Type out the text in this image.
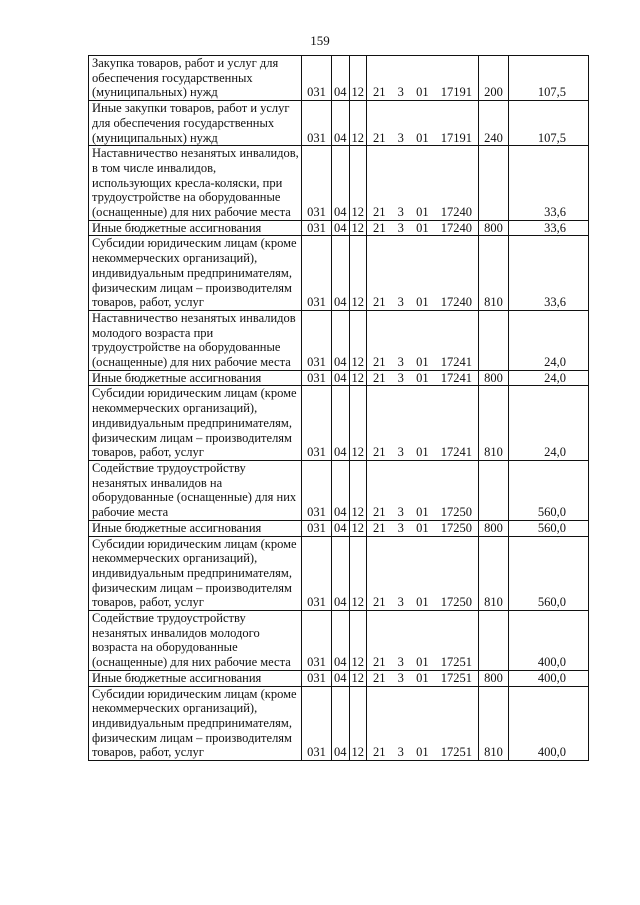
159
Закупка товаров, работ и услуг для обеспечения государственных (муниципальных) нужд	031	04	12	21 3 01 17191	200	107,5
Иные закупки товаров, работ и услуг для обеспечения государственных (муниципальных) нужд	031	04	12	21 3 01 17191	240	107,5
Наставничество незанятых инвалидов, в том числе инвалидов, использующих кресла-коляски, при трудоустройстве на оборудованные (оснащенные) для них рабочие места	031	04	12	21 3 01 17240		33,6
Иные бюджетные ассигнования	031	04	12	21 3 01 17240	800	33,6
Субсидии юридическим лицам (кроме некоммерческих организаций), индивидуальным предпринимателям, физическим лицам – производителям товаров, работ, услуг	031	04	12	21 3 01 17240	810	33,6
Наставничество незанятых инвалидов молодого возраста при трудоустройстве на оборудованные (оснащенные) для них рабочие места	031	04	12	21 3 01 17241		24,0
Иные бюджетные ассигнования	031	04	12	21 3 01 17241	800	24,0
Субсидии юридическим лицам (кроме некоммерческих организаций), индивидуальным предпринимателям, физическим лицам – производителям товаров, работ, услуг	031	04	12	21 3 01 17241	810	24,0
Содействие трудоустройству незанятых инвалидов на оборудованные (оснащенные) для них рабочие места	031	04	12	21 3 01 17250		560,0
Иные бюджетные ассигнования	031	04	12	21 3 01 17250	800	560,0
Субсидии юридическим лицам (кроме некоммерческих организаций), индивидуальным предпринимателям, физическим лицам – производителям товаров, работ, услуг	031	04	12	21 3 01 17250	810	560,0
Содействие трудоустройству незанятых инвалидов молодого возраста на оборудованные (оснащенные) для них рабочие места	031	04	12	21 3 01 17251		400,0
Иные бюджетные ассигнования	031	04	12	21 3 01 17251	800	400,0
Субсидии юридическим лицам (кроме некоммерческих организаций), индивидуальным предпринимателям, физическим лицам – производителям товаров, работ, услуг	031	04	12	21 3 01 17251	810	400,0
